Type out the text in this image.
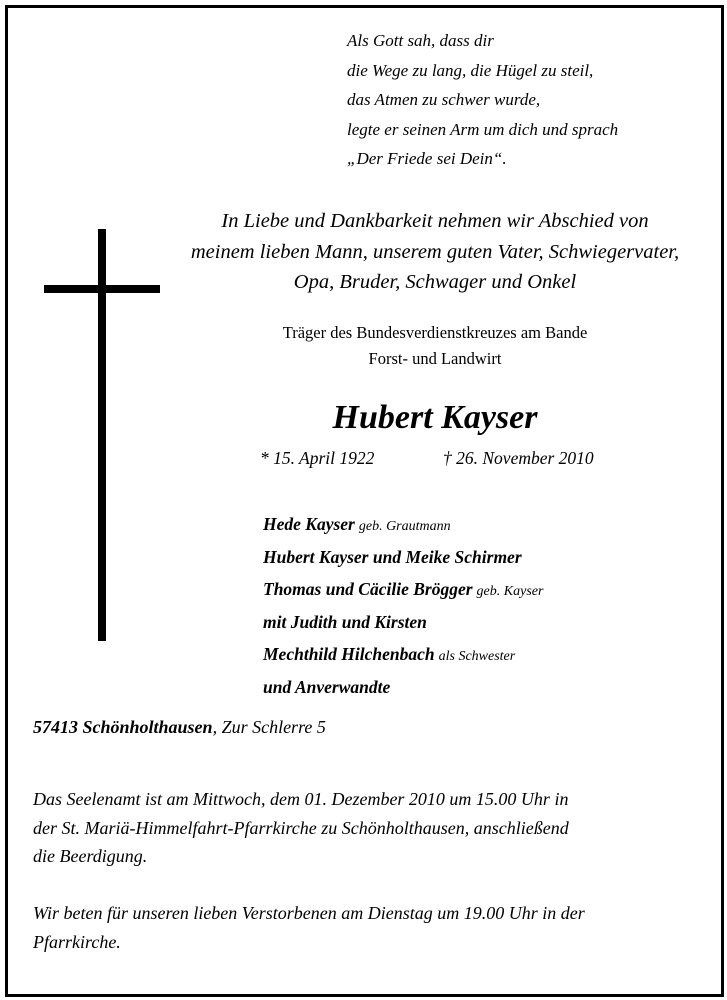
Als Gott sah, dass dir
die Wege zu lang, die Hügel zu steil,
das Atmen zu schwer wurde,
legte er seinen Arm um dich und sprach
„Der Friede sei Dein“.
In Liebe und Dankbarkeit nehmen wir Abschied von
meinem lieben Mann, unserem guten Vater, Schwiegervater,
Opa, Bruder, Schwager und Onkel
Träger des Bundesverdienstkreuzes am Bande
Forst- und Landwirt
Hubert Kayser
* 15. April 1922	† 26. November 2010
Hede Kayser geb. Grautmann
Hubert Kayser und Meike Schirmer
Thomas und Cäcilie Brögger geb. Kayser
mit Judith und Kirsten
Mechthild Hilchenbach als Schwester
und Anverwandte
57413 Schönholthausen, Zur Schlerre 5
Das Seelenamt ist am Mittwoch, dem 01. Dezember 2010 um 15.00 Uhr in
der St. Mariä-Himmelfahrt-Pfarrkirche zu Schönholthausen, anschließend
die Beerdigung.
Wir beten für unseren lieben Verstorbenen am Dienstag um 19.00 Uhr in der
Pfarrkirche.
